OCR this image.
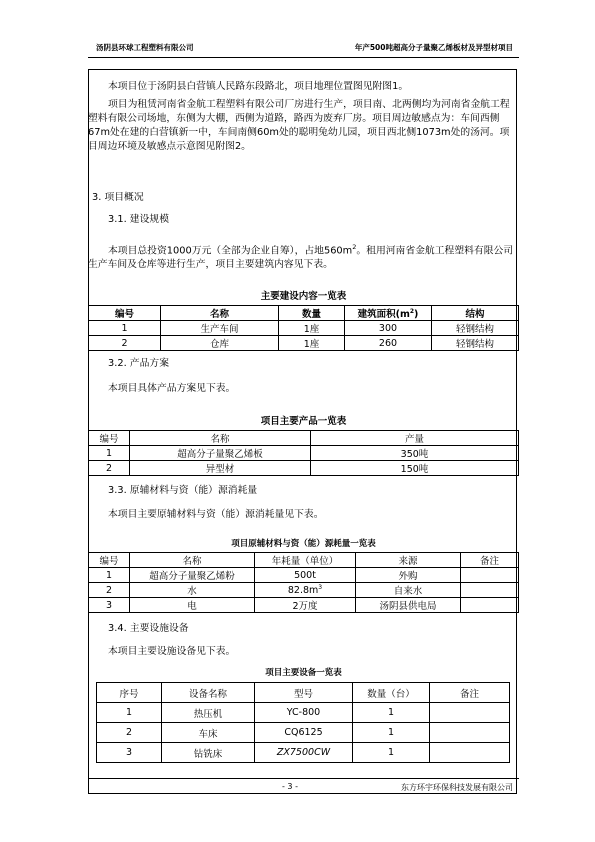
汤阴县环球工程塑料有限公司	年产500吨超高分子量聚乙烯板材及异型材项目

本项目位于汤阴县白营镇人民路东段路北，项目地理位置图见附图1。

项目为租赁河南省金航工程塑料有限公司厂房进行生产，项目南、北两侧均为河南省金航工程塑料有限公司场地，东侧为大棚，西侧为道路，路西为废弃厂房。项目周边敏感点为：车间西侧67m处在建的白营镇新一中，车间南侧60m处的聪明兔幼儿园，项目西北侧1073m处的汤河。项目周边环境及敏感点示意图见附图2。

3. 项目概况
3.1. 建设规模

本项目总投资1000万元（全部为企业自筹），占地$560m^2$。租用河南省金航工程塑料有限公司生产车间及仓库等进行生产，项目主要建筑内容见下表。

主要建设内容一览表
编号	名称	数量	建筑面积$(m^2)$	结构
1	生产车间	1座	300	轻钢结构
2	仓库	1座	260	轻钢结构
3.2. 产品方案

本项目具体产品方案见下表。

项目主要产品一览表
编号	名称	产量
1	超高分子量聚乙烯板	350吨
2	异型材	150吨
3.3. 原辅材料与资（能）源消耗量

本项目主要原辅材料与资（能）源消耗量见下表。

项目原辅材料与资（能）源耗量一览表
编号	名称	年耗量（单位）	来源	备注
1	超高分子量聚乙烯粉	500t	外购	
2	水	$82.8m^3$	自来水	
3	电	2万度	汤阴县供电局	
3.4. 主要设施设备

本项目主要设施设备见下表。

项目主要设备一览表
序号	设备名称	型号	数量（台）	备注
1	热压机	YC-800	1	
2	车床	CQ6125	1	
3	钻铣床	ZX7500CW	1	
- 3 -	东方环宇环保科技发展有限公司
